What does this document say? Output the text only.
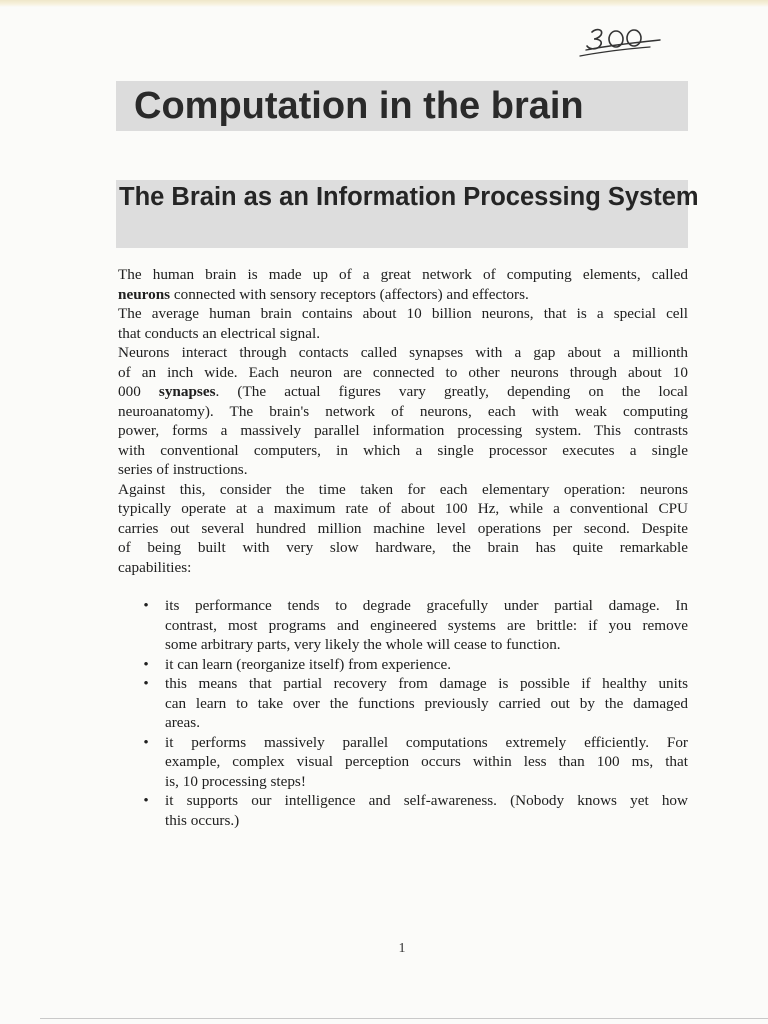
Computation in the brain
The Brain as an Information Processing System
The human brain is made up of a great network of computing elements, called
neurons connected with sensory receptors (affectors) and effectors.
The average human brain contains about 10 billion neurons, that is a special cell
that conducts an electrical signal.
Neurons interact through contacts called synapses with a gap about a millionth
of an inch wide. Each neuron are connected to other neurons through about 10
000 synapses. (The actual figures vary greatly, depending on the local
neuroanatomy). The brain's network of neurons, each with weak computing
power, forms a massively parallel information processing system. This contrasts
with conventional computers, in which a single processor executes a single
series of instructions.
Against this, consider the time taken for each elementary operation: neurons
typically operate at a maximum rate of about 100 Hz, while a conventional CPU
carries out several hundred million machine level operations per second. Despite
of being built with very slow hardware, the brain has quite remarkable
capabilities:
• its performance tends to degrade gracefully under partial damage. In
contrast, most programs and engineered systems are brittle: if you remove
some arbitrary parts, very likely the whole will cease to function.
• it can learn (reorganize itself) from experience.
• this means that partial recovery from damage is possible if healthy units
can learn to take over the functions previously carried out by the damaged
areas.
• it performs massively parallel computations extremely efficiently. For
example, complex visual perception occurs within less than 100 ms, that
is, 10 processing steps!
• it supports our intelligence and self-awareness. (Nobody knows yet how
this occurs.)
1
